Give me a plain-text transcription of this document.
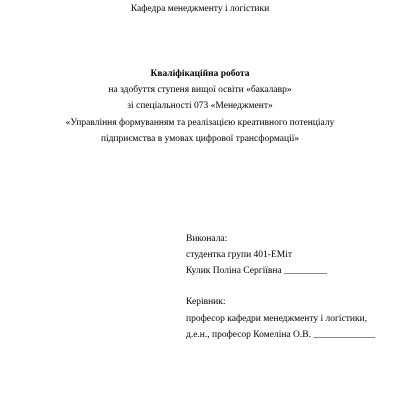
Кафедра менеджменту і логістики
Кваліфікаційна робота
на здобуття ступеня вищої освіти «бакалавр»
зі спеціальності 073 «Менеджмент»
«Управління формуванням та реалізацією креативного потенціалу
підприємства в умовах цифрової трансформації»
Виконала:
студентка групи 401-ЕМіт
Кулик Поліна Сергіївна _________
Керівник:
професор кафедри менеджменту і логістики,
д.е.н., професор Комеліна О.В. _____________
